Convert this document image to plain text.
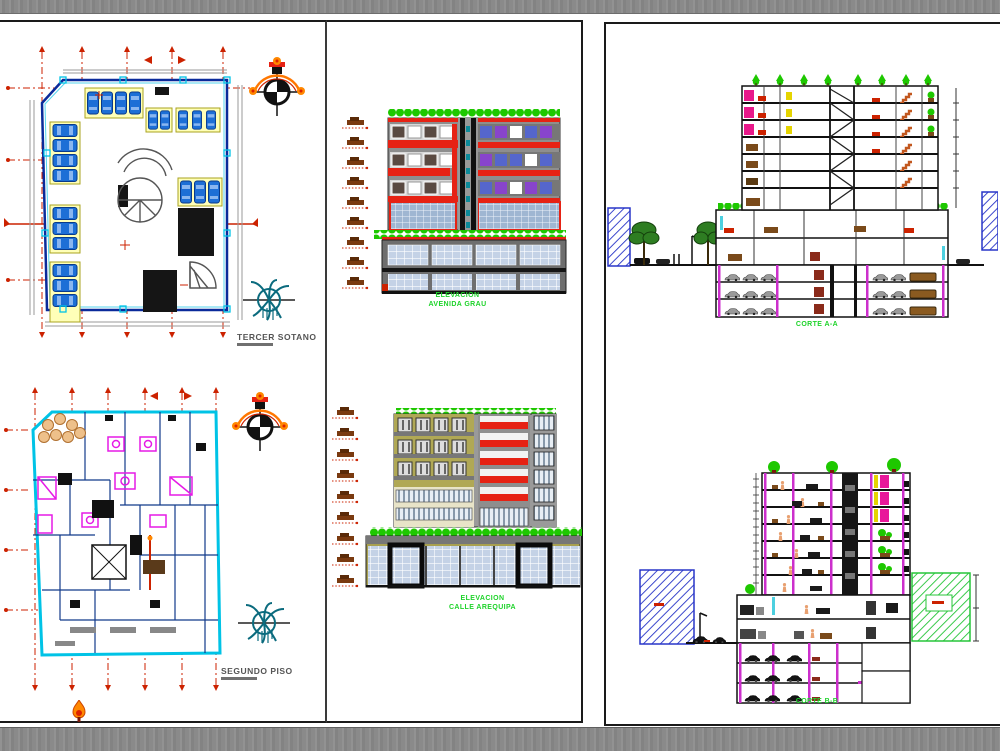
TERCER SOTANO
SEGUNDO PISO
ELEVACION
AVENIDA GRAU
ELEVACION
CALLE AREQUIPA
CORTE A-A
CORTE B-B
